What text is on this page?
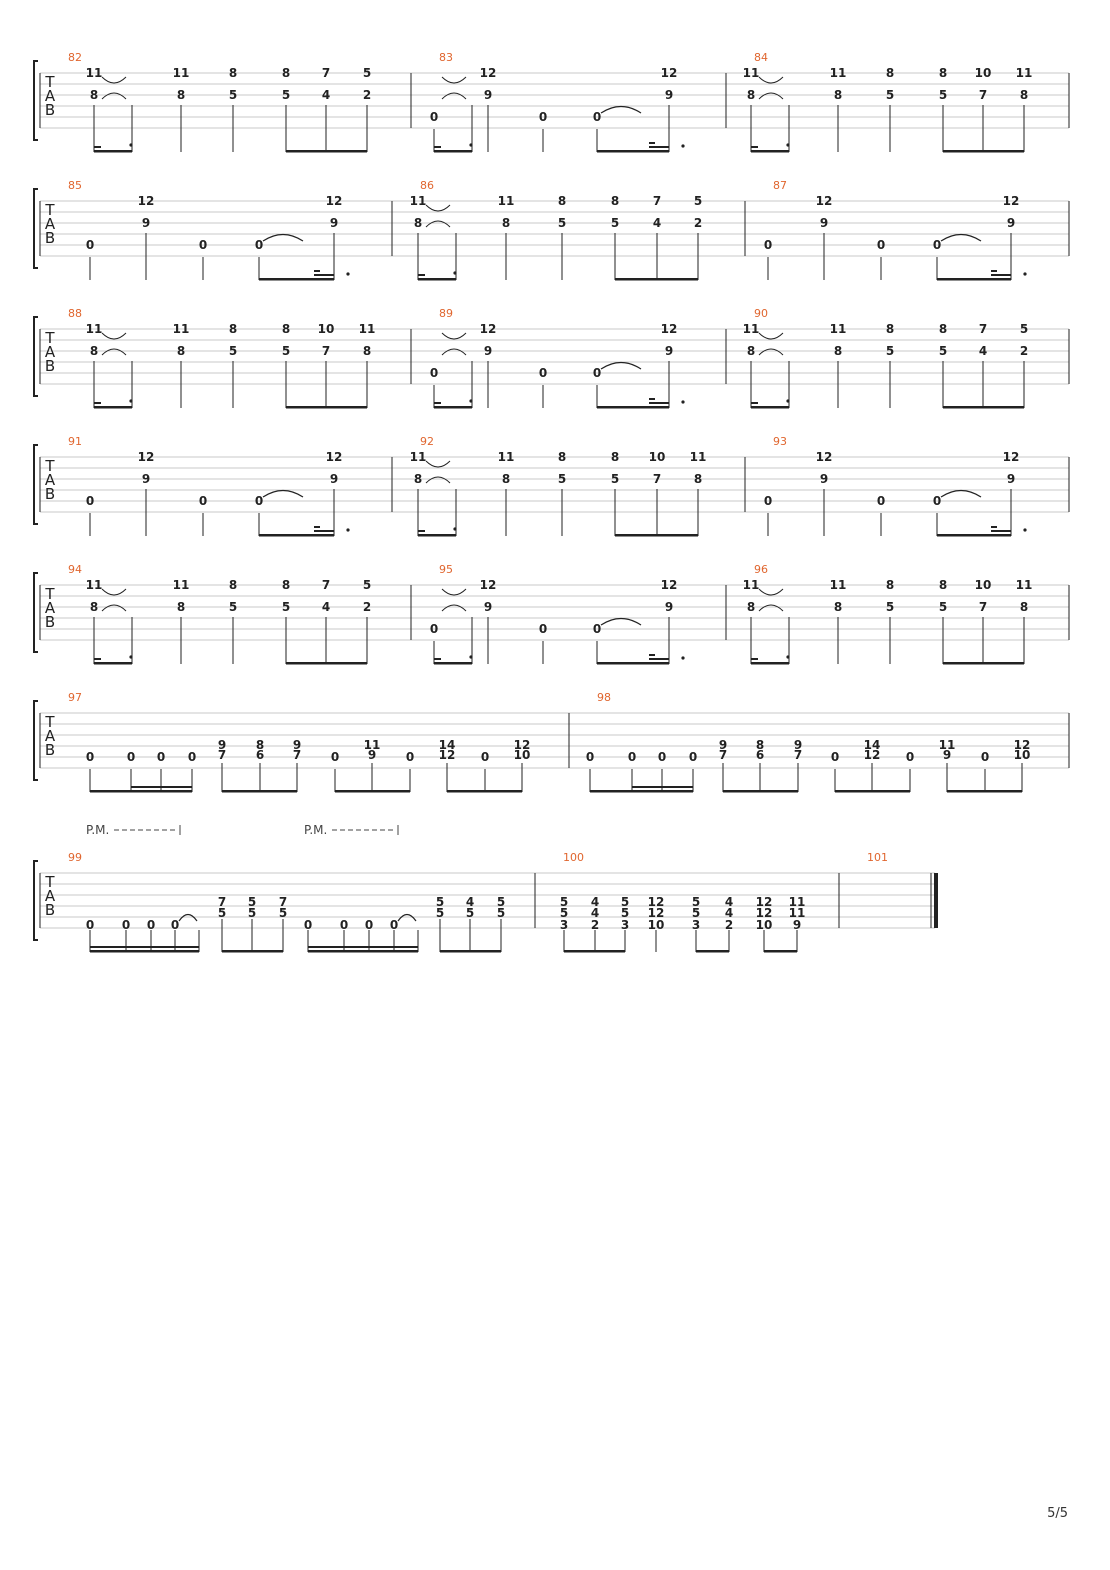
T
A
B
82
11
8
11
8
8
5
8
5
7
4
5
2
83
0
12
9
0	0
12
9
84
11
8
11
8
8
5
8
5
10
7
11
8
T
A
B
85
0
12
9
0	0
12
9
86
11
8
11
8
8
5
8
5
7
4
5
2
87
0
12
9
0	0
12
9
T
A
B
88
11
8
11
8
8
5
8
5
10
7
11
8
89
0
12
9
0	0
12
9
90
11
8
11
8
8
5
8
5
7
4
5
2
T
A
B
91
0
12
9
0	0
12
9
92
11
8
11
8
8
5
8
5
10
7
11
8
93
0
12
9
0	0
12
9
T
A
B
94
11
8
11
8
8
5
8
5
7
4
5
2
95
0
12
9
0	0
12
9
96
11
8
11
8
8
5
8
5
10
7
11
8
T
A
B
97
0	0 0 0
9
7
8
6
9
7 0
11
9 0
14
12 0
12
10
98
0	0 0 0
9
7
8
6
9
7 0
14
12 0
11
9 0
12
10
T
A
B
99
0 0 0 0
7
5
5
5
7
5
0 0 0 0
5
5
4
5
5
5
P.M.	P.M.
100
5
5
3
4
4
2
5
5
3
12
12
10
5
5
3
4
4
2
12
12
10
11
11
9
101
5/5
